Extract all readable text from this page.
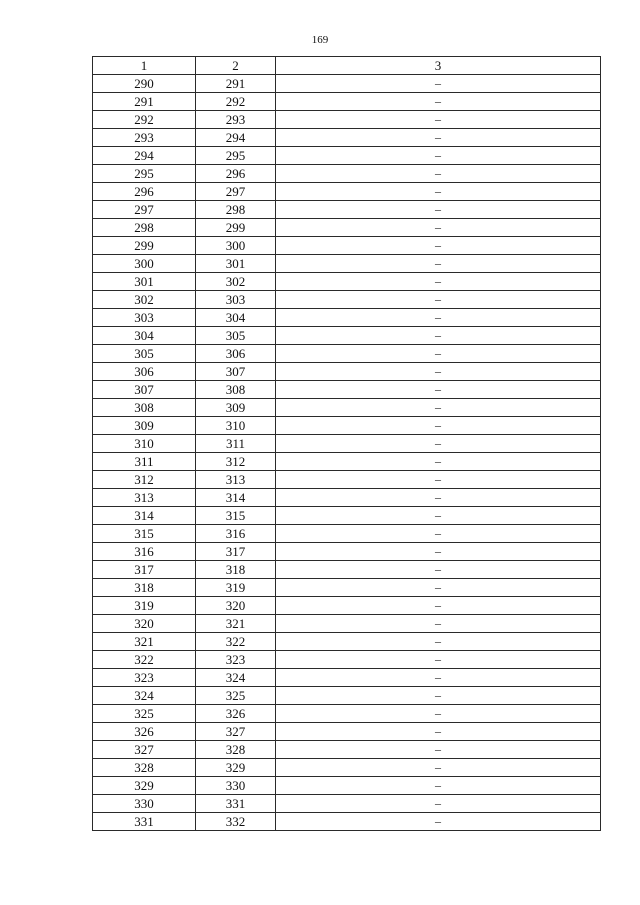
169
1	2	3
290	291	–
291	292	–
292	293	–
293	294	–
294	295	–
295	296	–
296	297	–
297	298	–
298	299	–
299	300	–
300	301	–
301	302	–
302	303	–
303	304	–
304	305	–
305	306	–
306	307	–
307	308	–
308	309	–
309	310	–
310	311	–
311	312	–
312	313	–
313	314	–
314	315	–
315	316	–
316	317	–
317	318	–
318	319	–
319	320	–
320	321	–
321	322	–
322	323	–
323	324	–
324	325	–
325	326	–
326	327	–
327	328	–
328	329	–
329	330	–
330	331	–
331	332	–
